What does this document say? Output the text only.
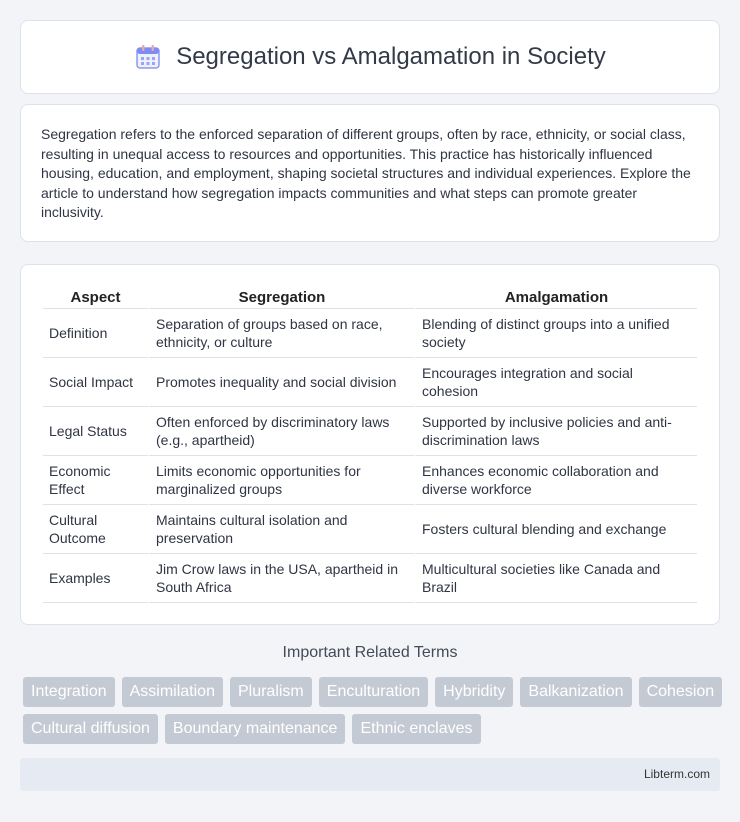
Segregation vs Amalgamation in Society

Segregation refers to the enforced separation of different groups, often by race, ethnicity, or social class, resulting in unequal access to resources and opportunities. This practice has historically influenced housing, education, and employment, shaping societal structures and individual experiences. Explore the article to understand how segregation impacts communities and what steps can promote greater inclusivity.

Aspect	Segregation	Amalgamation
Definition	Separation of groups based on race, ethnicity, or culture	Blending of distinct groups into a unified society
Social Impact	Promotes inequality and social division	Encourages integration and social cohesion
Legal Status	Often enforced by discriminatory laws (e.g., apartheid)	Supported by inclusive policies and anti-discrimination laws
Economic Effect	Limits economic opportunities for marginalized groups	Enhances economic collaboration and diverse workforce
Cultural Outcome	Maintains cultural isolation and preservation	Fosters cultural blending and exchange
Examples	Jim Crow laws in the USA, apartheid in South Africa	Multicultural societies like Canada and Brazil
Important Related Terms
Integration	Assimilation	Pluralism	Enculturation	Hybridity	Balkanization	Cohesion
Cultural diffusion	Boundary maintenance	Ethnic enclaves
Libterm.com
